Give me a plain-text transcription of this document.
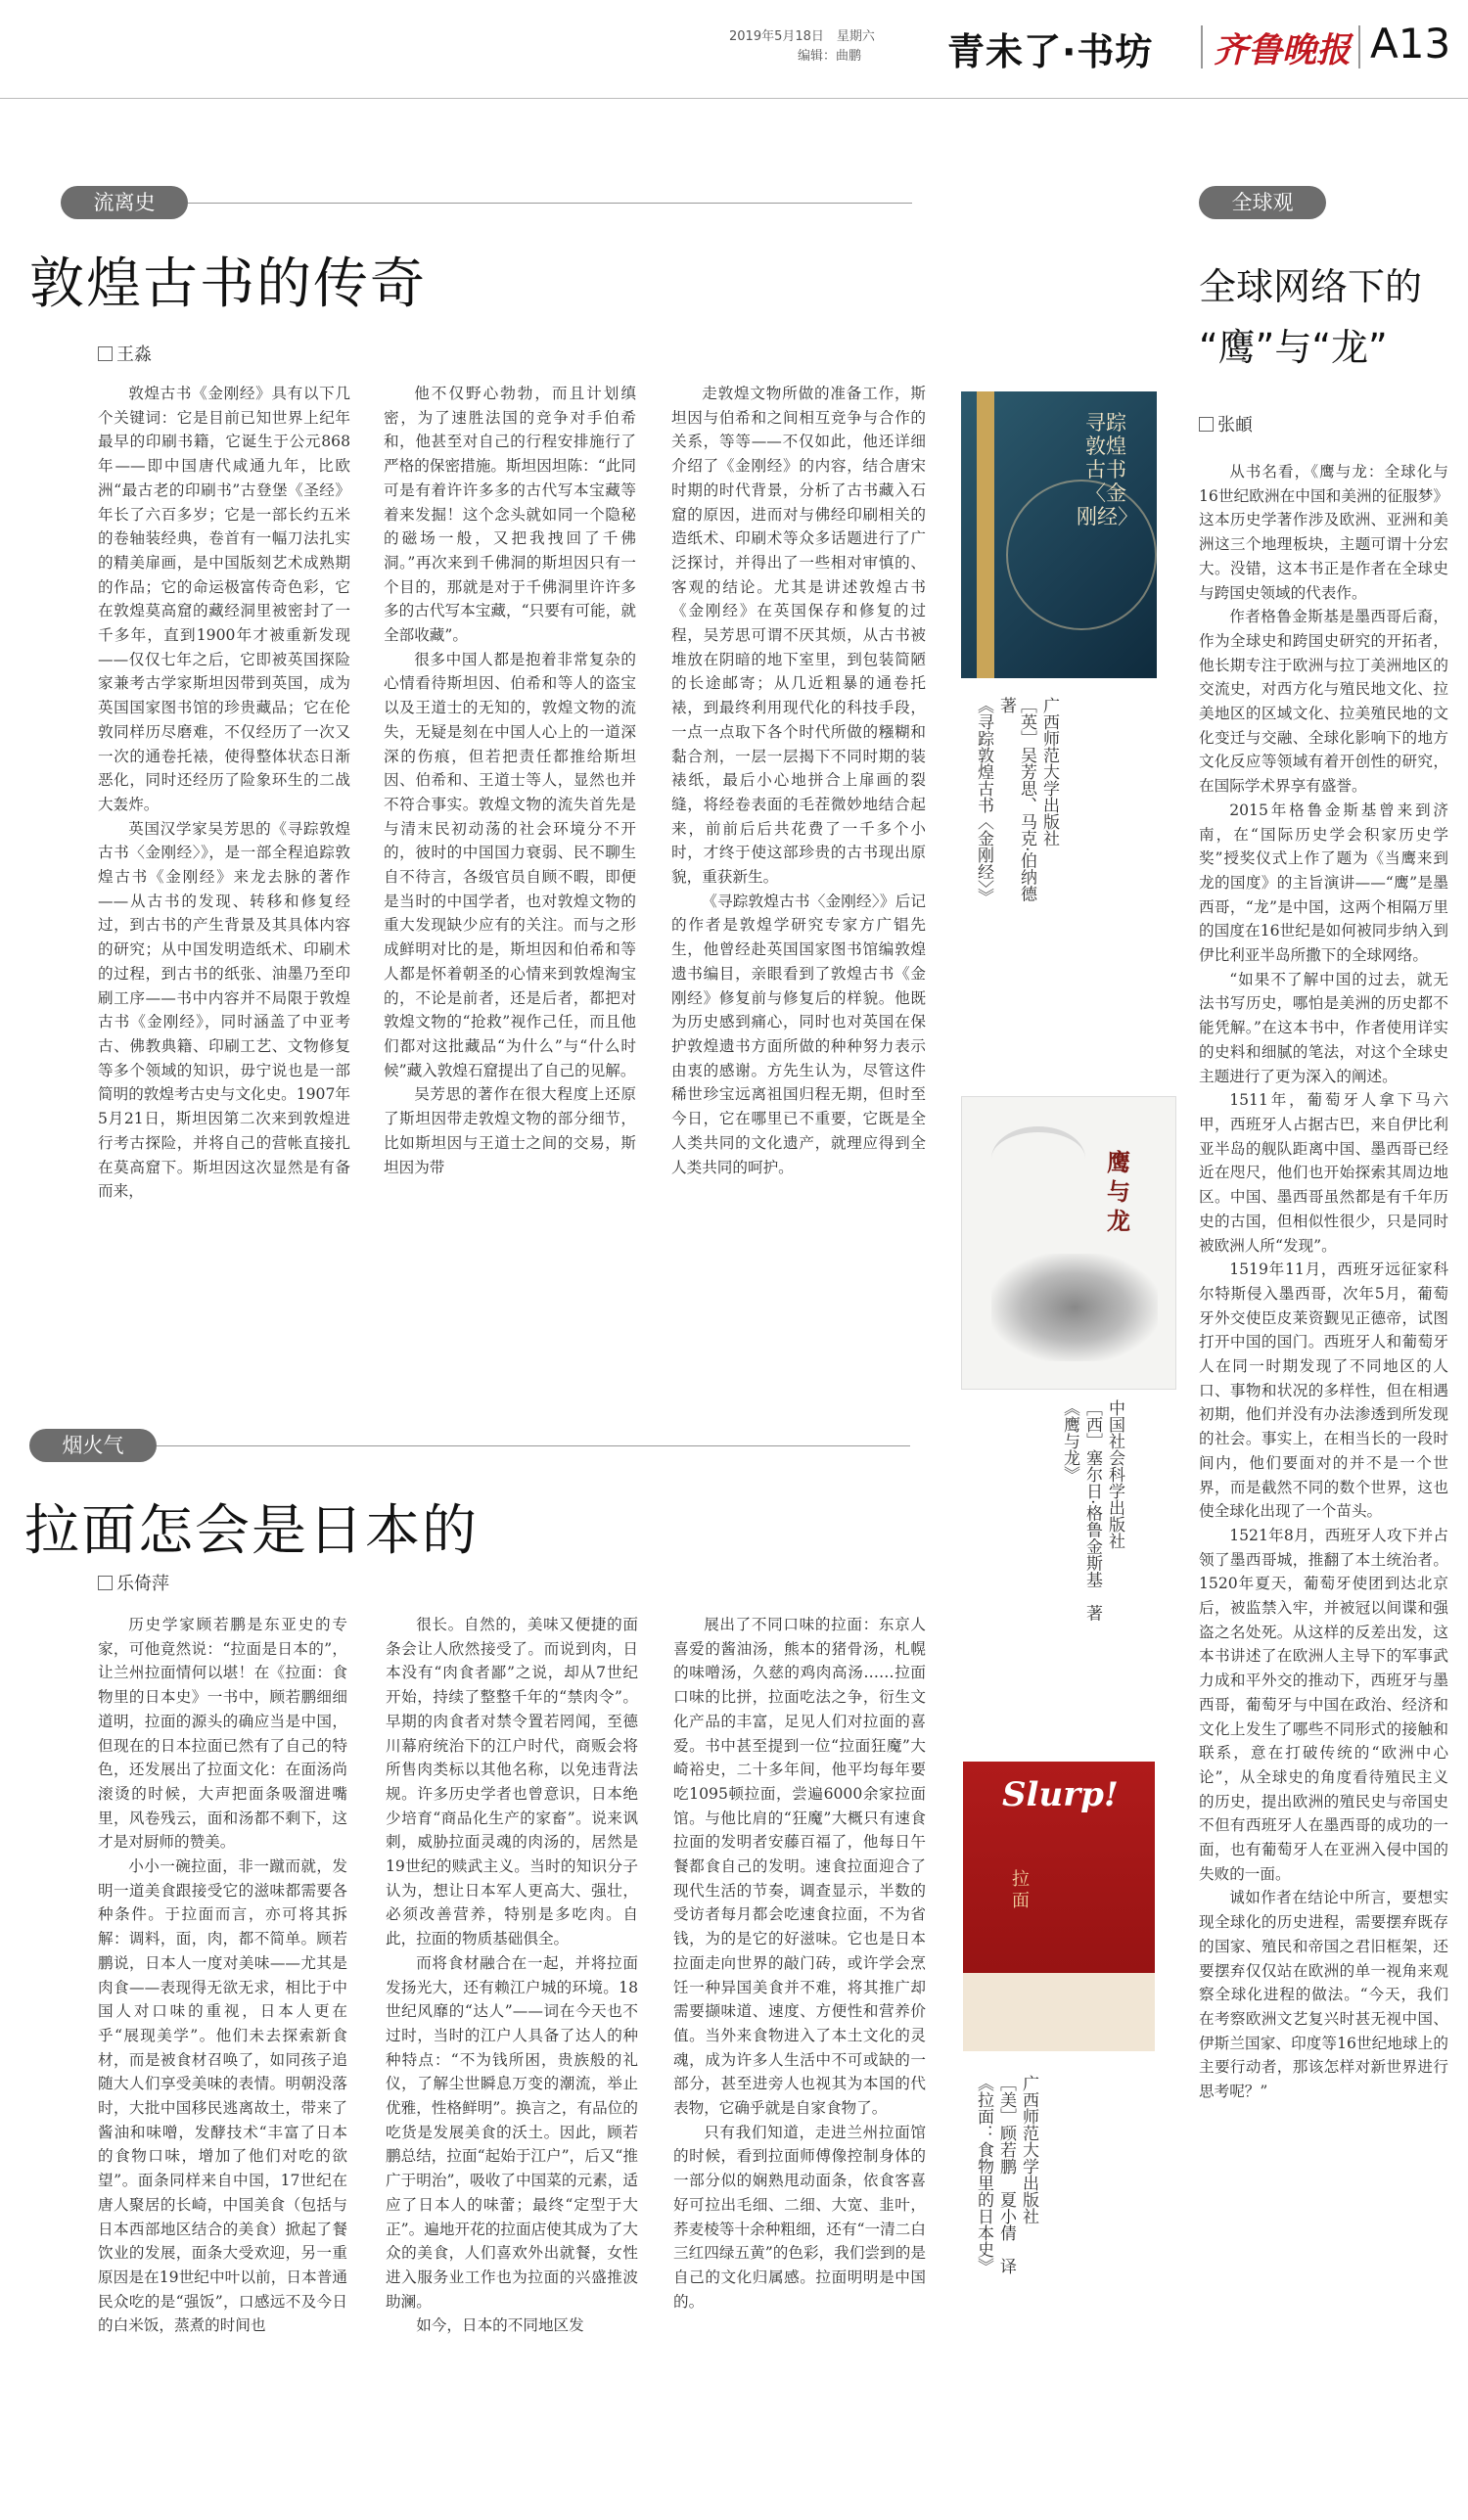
2019年5月18日　星期六
编辑：曲鹏 青未了·书坊 齐鲁晚报 A13
流离史
敦煌古书的传奇
王淼

敦煌古书《金刚经》具有以下几个关键词：它是目前已知世界上纪年最早的印刷书籍，它诞生于公元868年——即中国唐代咸通九年，比欧洲“最古老的印刷书”古登堡《圣经》年长了六百多岁；它是一部长约五米的卷轴装经典，卷首有一幅刀法扎实的精美扉画，是中国版刻艺术成熟期的作品；它的命运极富传奇色彩，它在敦煌莫高窟的藏经洞里被密封了一千多年，直到1900年才被重新发现——仅仅七年之后，它即被英国探险家兼考古学家斯坦因带到英国，成为英国国家图书馆的珍贵藏品；它在伦敦同样历尽磨难，不仅经历了一次又一次的通卷托裱，使得整体状态日渐恶化，同时还经历了险象环生的二战大轰炸。

英国汉学家吴芳思的《寻踪敦煌古书〈金刚经〉》，是一部全程追踪敦煌古书《金刚经》来龙去脉的著作——从古书的发现、转移和修复经过，到古书的产生背景及其具体内容的研究；从中国发明造纸术、印刷术的过程，到古书的纸张、油墨乃至印刷工序——书中内容并不局限于敦煌古书《金刚经》，同时涵盖了中亚考古、佛教典籍、印刷工艺、文物修复等多个领域的知识，毋宁说也是一部简明的敦煌考古史与文化史。1907年5月21日，斯坦因第二次来到敦煌进行考古探险，并将自己的营帐直接扎在莫高窟下。斯坦因这次显然是有备而来，

他不仅野心勃勃，而且计划缜密，为了速胜法国的竞争对手伯希和，他甚至对自己的行程安排施行了严格的保密措施。斯坦因坦陈：“此同可是有着许许多多的古代写本宝藏等着来发掘！这个念头就如同一个隐秘的磁场一般，又把我拽回了千佛洞。”再次来到千佛洞的斯坦因只有一个目的，那就是对于千佛洞里许许多多的古代写本宝藏，“只要有可能，就全部收藏”。

很多中国人都是抱着非常复杂的心情看待斯坦因、伯希和等人的盗宝以及王道士的无知的，敦煌文物的流失，无疑是刻在中国人心上的一道深深的伤痕，但若把责任都推给斯坦因、伯希和、王道士等人，显然也并不符合事实。敦煌文物的流失首先是与清末民初动荡的社会环境分不开的，彼时的中国国力衰弱、民不聊生自不待言，各级官员自顾不暇，即便是当时的中国学者，也对敦煌文物的重大发现缺少应有的关注。而与之形成鲜明对比的是，斯坦因和伯希和等人都是怀着朝圣的心情来到敦煌淘宝的，不论是前者，还是后者，都把对敦煌文物的“抢救”视作己任，而且他们都对这批藏品“为什么”与“什么时候”藏入敦煌石窟提出了自己的见解。

吴芳思的著作在很大程度上还原了斯坦因带走敦煌文物的部分细节，比如斯坦因与王道士之间的交易，斯坦因为带

走敦煌文物所做的准备工作，斯坦因与伯希和之间相互竞争与合作的关系，等等——不仅如此，他还详细介绍了《金刚经》的内容，结合唐宋时期的时代背景，分析了古书藏入石窟的原因，进而对与佛经印刷相关的造纸术、印刷术等众多话题进行了广泛探讨，并得出了一些相对审慎的、客观的结论。尤其是讲述敦煌古书《金刚经》在英国保存和修复的过程，吴芳思可谓不厌其烦，从古书被堆放在阴暗的地下室里，到包装简陋的长途邮寄；从几近粗暴的通卷托裱，到最终利用现代化的科技手段，一点一点取下各个时代所做的糨糊和黏合剂，一层一层揭下不同时期的装裱纸，最后小心地拼合上扉画的裂缝，将经卷表面的毛茬微妙地结合起来，前前后后共花费了一千多个小时，才终于使这部珍贵的古书现出原貌，重获新生。

《寻踪敦煌古书〈金刚经〉》后记的作者是敦煌学研究专家方广锠先生，他曾经赴英国国家图书馆编敦煌遗书编目，亲眼看到了敦煌古书《金刚经》修复前与修复后的样貌。他既为历史感到痛心，同时也对英国在保护敦煌遗书方面所做的种种努力表示由衷的感谢。方先生认为，尽管这件稀世珍宝远离祖国归程无期，但时至今日，它在哪里已不重要，它既是全人类共同的文化遗产，就理应得到全人类共同的呵护。

烟火气
拉面怎会是日本的
乐倚萍

历史学家顾若鹏是东亚史的专家，可他竟然说：“拉面是日本的”，让兰州拉面情何以堪！在《拉面：食物里的日本史》一书中，顾若鹏细细道明，拉面的源头的确应当是中国，但现在的日本拉面已然有了自己的特色，还发展出了拉面文化：在面汤尚滚烫的时候，大声把面条吸溜进嘴里，风卷残云，面和汤都不剩下，这才是对厨师的赞美。

小小一碗拉面，非一蹴而就，发明一道美食跟接受它的滋味都需要各种条件。于拉面而言，亦可将其拆解：调料，面，肉，都不简单。顾若鹏说，日本人一度对美味——尤其是肉食——表现得无欲无求，相比于中国人对口味的重视，日本人更在乎“展现美学”。他们未去探索新食材，而是被食材召唤了，如同孩子追随大人们享受美味的表情。明朝没落时，大批中国移民逃离故土，带来了酱油和味噌，发酵技术“丰富了日本的食物口味，增加了他们对吃的欲望”。面条同样来自中国，17世纪在唐人聚居的长崎，中国美食（包括与日本西部地区结合的美食）掀起了餐饮业的发展，面条大受欢迎，另一重原因是在19世纪中叶以前，日本普通民众吃的是“强饭”，口感远不及今日的白米饭，蒸煮的时间也

很长。自然的，美味又便捷的面条会让人欣然接受了。而说到肉，日本没有“肉食者鄙”之说，却从7世纪开始，持续了整整千年的“禁肉令”。早期的肉食者对禁令置若罔闻，至德川幕府统治下的江户时代，商贩会将所售肉类标以其他名称，以免违背法规。许多历史学者也曾意识，日本绝少培育“商品化生产的家畜”。说来讽刺，威胁拉面灵魂的肉汤的，居然是19世纪的赎武主义。当时的知识分子认为，想让日本军人更高大、强壮，必须改善营养，特别是多吃肉。自此，拉面的物质基础俱全。

而将食材融合在一起，并将拉面发扬光大，还有赖江户城的环境。18世纪风靡的“达人”——词在今天也不过时，当时的江户人具备了达人的种种特点：“不为钱所困，贵族般的礼仪，了解尘世瞬息万变的潮流，举止优雅，性格鲜明”。换言之，有品位的吃货是发展美食的沃土。因此，顾若鹏总结，拉面“起始于江户”，后又“推广于明治”，吸收了中国菜的元素，适应了日本人的味蕾；最终“定型于大正”。遍地开花的拉面店使其成为了大众的美食，人们喜欢外出就餐，女性进入服务业工作也为拉面的兴盛推波助澜。

如今，日本的不同地区发

展出了不同口味的拉面：东京人喜爱的酱油汤，熊本的猪骨汤，札幌的味噌汤，久慈的鸡肉高汤……拉面口味的比拼，拉面吃法之争，衍生文化产品的丰富，足见人们对拉面的喜爱。书中甚至提到一位“拉面狂魔”大崎裕史，二十多年间，他平均每年要吃1095顿拉面，尝遍6000余家拉面馆。与他比肩的“狂魔”大概只有速食拉面的发明者安藤百福了，他每日午餐都食自己的发明。速食拉面迎合了现代生活的节奏，调查显示，半数的受访者每月都会吃速食拉面，不为省钱，为的是它的好滋味。它也是日本拉面走向世界的敲门砖，或许学会烹饪一种异国美食并不难，将其推广却需要撷味道、速度、方便性和营养价值。当外来食物进入了本土文化的灵魂，成为许多人生活中不可或缺的一部分，甚至进旁人也视其为本国的代表物，它确乎就是自家食物了。

只有我们知道，走进兰州拉面馆的时候，看到拉面师傅像控制身体的一部分似的娴熟甩动面条，依食客喜好可拉出毛细、二细、大宽、韭叶，荞麦棱等十余种粗细，还有“一清二白三红四绿五黄”的色彩，我们尝到的是自己的文化归属感。拉面明明是中国的。

寻踪敦煌古书〈金刚经〉
广西师范大学出版社
［英］吴芳思、马克·伯纳德　著
《寻踪敦煌古书〈金刚经〉》
鹰与龙
中国社会科学出版社
［西］塞尔日·格鲁金斯基　著
《鹰与龙》
Slurp!
拉面
广西师范大学出版社
［美］顾若鹏　夏小倩　译
《拉面：食物里的日本史》
全球观
全球网络下的
“鹰”与“龙”
张頔

从书名看，《鹰与龙：全球化与16世纪欧洲在中国和美洲的征服梦》这本历史学著作涉及欧洲、亚洲和美洲这三个地理板块，主题可谓十分宏大。没错，这本书正是作者在全球史与跨国史领域的代表作。

作者格鲁金斯基是墨西哥后裔，作为全球史和跨国史研究的开拓者，他长期专注于欧洲与拉丁美洲地区的交流史，对西方化与殖民地文化、拉美地区的区域文化、拉美殖民地的文化变迁与交融、全球化影响下的地方文化反应等领域有着开创性的研究，在国际学术界享有盛誉。

2015年格鲁金斯基曾来到济南，在“国际历史学会积家历史学奖”授奖仪式上作了题为《当鹰来到龙的国度》的主旨演讲——“鹰”是墨西哥，“龙”是中国，这两个相隔万里的国度在16世纪是如何被同步纳入到伊比利亚半岛所撒下的全球网络。

“如果不了解中国的过去，就无法书写历史，哪怕是美洲的历史都不能凭解。”在这本书中，作者使用详实的史料和细腻的笔法，对这个全球史主题进行了更为深入的阐述。

1511年，葡萄牙人拿下马六甲，西班牙人占据古巴，来自伊比利亚半岛的舰队距离中国、墨西哥已经近在咫尺，他们也开始探索其周边地区。中国、墨西哥虽然都是有千年历史的古国，但相似性很少，只是同时被欧洲人所“发现”。

1519年11月，西班牙远征家科尔特斯侵入墨西哥，次年5月，葡萄牙外交使臣皮莱资觐见正德帝，试图打开中国的国门。西班牙人和葡萄牙人在同一时期发现了不同地区的人口、事物和状况的多样性，但在相遇初期，他们并没有办法渗透到所发现的社会。事实上，在相当长的一段时间内，他们要面对的并不是一个世界，而是截然不同的数个世界，这也使全球化出现了一个苗头。

1521年8月，西班牙人攻下并占领了墨西哥城，推翻了本土统治者。1520年夏天，葡萄牙使团到达北京后，被监禁入牢，并被冠以间谍和强盗之名处死。从这样的反差出发，这本书讲述了在欧洲人主导下的军事武力成和平外交的推动下，西班牙与墨西哥，葡萄牙与中国在政治、经济和文化上发生了哪些不同形式的接触和联系，意在打破传统的“欧洲中心论”，从全球史的角度看待殖民主义的历史，提出欧洲的殖民史与帝国史不但有西班牙人在墨西哥的成功的一面，也有葡萄牙人在亚洲入侵中国的失败的一面。

诚如作者在结论中所言，要想实现全球化的历史进程，需要摆弃既存的国家、殖民和帝国之君旧框架，还要摆弃仅仅站在欧洲的单一视角来观察全球化进程的做法。“今天，我们在考察欧洲文艺复兴时甚无视中国、伊斯兰国家、印度等16世纪地球上的主要行动者，那该怎样对新世界进行思考呢？”
